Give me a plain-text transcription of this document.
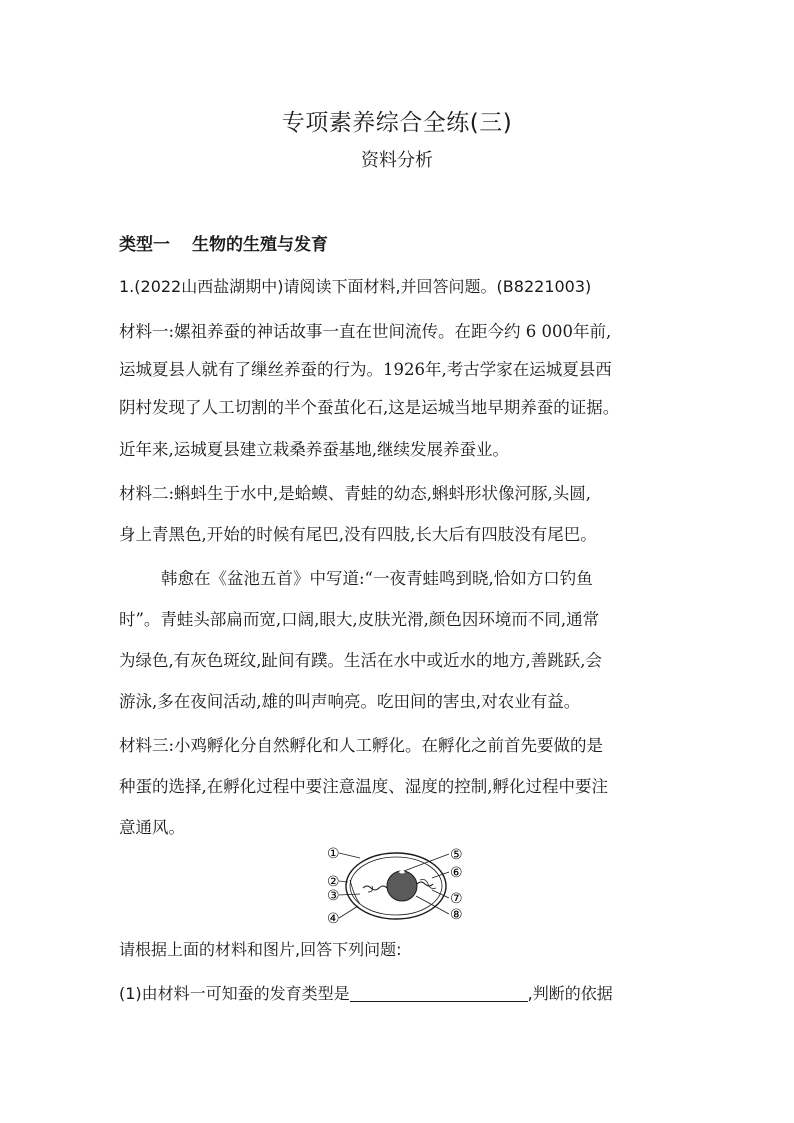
专项素养综合全练(三)
资料分析
类型一 生物的生殖与发育
1.(2022山西盐湖期中)请阅读下面材料,并回答问题。(B8221003)
材料一:嫘祖养蚕的神话故事一直在世间流传。在距今约 6 000年前,
运城夏县人就有了缫丝养蚕的行为。1926年,考古学家在运城夏县西
阴村发现了人工切割的半个蚕茧化石,这是运城当地早期养蚕的证据。
近年来,运城夏县建立栽桑养蚕基地,继续发展养蚕业。
材料二:蝌蚪生于水中,是蛤蟆、青蛙的幼态,蝌蚪形状像河豚,头圆,
身上青黑色,开始的时候有尾巴,没有四肢,长大后有四肢没有尾巴。
韩愈在《盆池五首》中写道:“一夜青蛙鸣到晓,恰如方口钓鱼
时”。青蛙头部扁而宽,口阔,眼大,皮肤光滑,颜色因环境而不同,通常
为绿色,有灰色斑纹,趾间有蹼。生活在水中或近水的地方,善跳跃,会
游泳,多在夜间活动,雄的叫声响亮。吃田间的害虫,对农业有益。
材料三:小鸡孵化分自然孵化和人工孵化。在孵化之前首先要做的是
种蛋的选择,在孵化过程中要注意温度、湿度的控制,孵化过程中要注
意通风。
①
②
③
④
⑤
⑥
⑦
⑧
请根据上面的材料和图片,回答下列问题:
(1)由材料一可知蚕的发育类型是	,判断的依据
